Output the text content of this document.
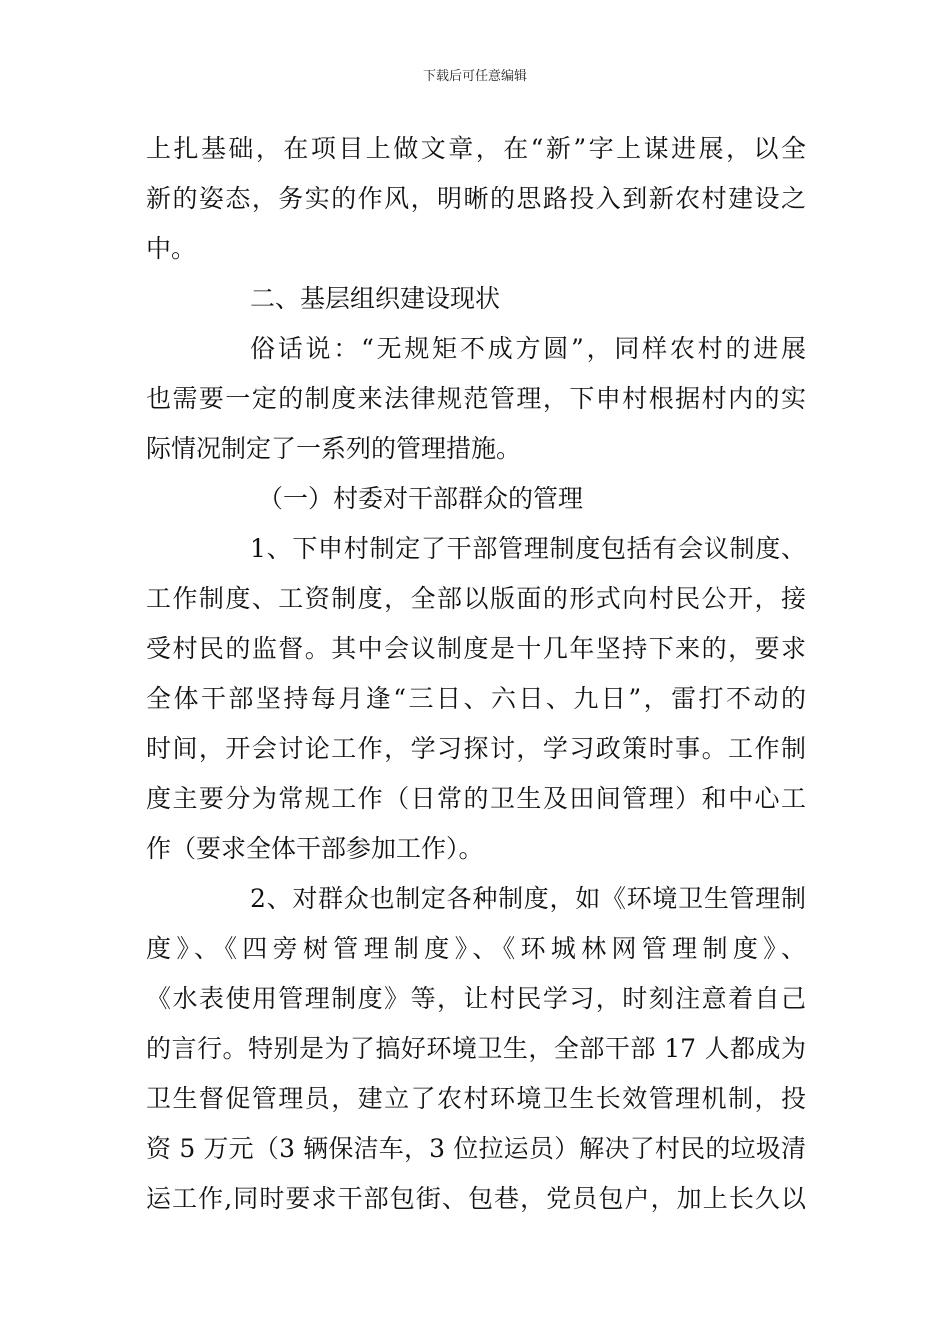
下载后可任意编辑
上扎基础，在项目上做文章，在“新”字上谋进展，以全
新的姿态，务实的作风，明晰的思路投入到新农村建设之
中。
二、基层组织建设现状
俗话说：“无规矩不成方圆”，同样农村的进展
也需要一定的制度来法律规范管理，下申村根据村内的实
际情况制定了一系列的管理措施。
（一）村委对干部群众的管理
1、下申村制定了干部管理制度包括有会议制度、
工作制度、工资制度，全部以版面的形式向村民公开，接
受村民的监督。其中会议制度是十几年坚持下来的，要求
全体干部坚持每月逢“三日、六日、九日”，雷打不动的
时间，开会讨论工作，学习探讨，学习政策时事。工作制
度主要分为常规工作（日常的卫生及田间管理）和中心工
作（要求全体干部参加工作）。
2、对群众也制定各种制度，如《环境卫生管理制
度》、《四旁树管理制度》、《环城林网管理制度》、
《水表使用管理制度》等，让村民学习，时刻注意着自己
的言行。特别是为了搞好环境卫生，全部干部 17 人都成为
卫生督促管理员，建立了农村环境卫生长效管理机制，投
资 5 万元（3 辆保洁车，3 位拉运员）解决了村民的垃圾清
运工作,同时要求干部包街、包巷，党员包户，加上长久以
